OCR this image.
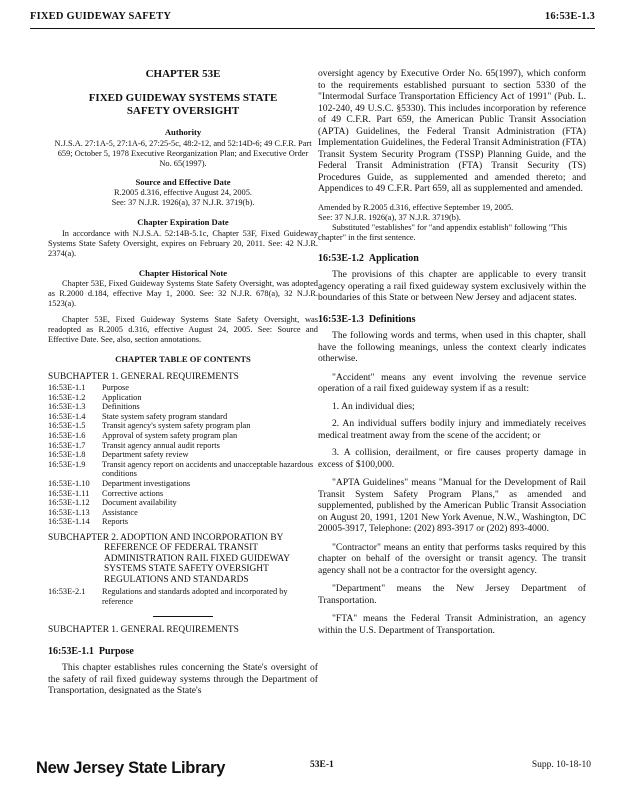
FIXED GUIDEWAY SAFETY	16:53E-1.3

CHAPTER 53E

FIXED GUIDEWAY SYSTEMS STATE SAFETY OVERSIGHT

Authority

N.J.S.A. 27:1A-5, 27:1A-6, 27:25-5c, 48:2-12, and 52:14D-6; 49 C.F.R. Part 659; October 5, 1978 Executive Reorganization Plan; and Executive Order No. 65(1997).

Source and Effective Date

R.2005 d.316, effective August 24, 2005.
See: 37 N.J.R. 1926(a), 37 N.J.R. 3719(b).

Chapter Expiration Date

In accordance with N.J.S.A. 52:14B-5.1c, Chapter 53F, Fixed Guideway Systems State Safety Oversight, expires on February 20, 2011. See: 42 N.J.R. 2374(a).

Chapter Historical Note

Chapter 53E, Fixed Guideway Systems State Safety Oversight, was adopted as R.2000 d.184, effective May 1, 2000. See: 32 N.J.R. 678(a), 32 N.J.R. 1523(a).

Chapter 53E, Fixed Guideway Systems State Safety Oversight, was readopted as R.2005 d.316, effective August 24, 2005. See: Source and Effective Date. See, also, section annotations.

CHAPTER TABLE OF CONTENTS

SUBCHAPTER 1. GENERAL REQUIREMENTS

16:53E-1.1	Purpose
16:53E-1.2	Application
16:53E-1.3	Definitions
16:53E-1.4	State system safety program standard
16:53E-1.5	Transit agency's system safety program plan
16:53E-1.6	Approval of system safety program plan
16:53E-1.7	Transit agency annual audit reports
16:53E-1.8	Department safety review
16:53E-1.9	Transit agency report on accidents and unacceptable hazardous conditions
16:53E-1.10	Department investigations
16:53E-1.11	Corrective actions
16:53E-1.12	Document availability
16:53E-1.13	Assistance
16:53E-1.14	Reports

SUBCHAPTER 2. ADOPTION AND INCORPORATION BY REFERENCE OF FEDERAL TRANSIT ADMINISTRATION RAIL FIXED GUIDEWAY SYSTEMS STATE SAFETY OVERSIGHT REGULATIONS AND STANDARDS

16:53E-2.1	Regulations and standards adopted and incorporated by reference

SUBCHAPTER 1. GENERAL REQUIREMENTS

16:53E-1.1 Purpose

This chapter establishes rules concerning the State's oversight of the safety of rail fixed guideway systems through the Department of Transportation, designated as the State's

oversight agency by Executive Order No. 65(1997), which conform to the requirements established pursuant to section 5330 of the "Intermodal Surface Transportation Efficiency Act of 1991" (Pub. L. 102-240, 49 U.S.C. §5330). This includes incorporation by reference of 49 C.F.R. Part 659, the American Public Transit Association (APTA) Guidelines, the Federal Transit Administration (FTA) Implementation Guidelines, the Federal Transit Administration (FTA) Transit System Security Program (TSSP) Planning Guide, and the Federal Transit Administration (FTA) Transit Security (TS) Procedures Guide, as supplemented and amended thereto; and Appendices to 49 C.F.R. Part 659, all as supplemented and amended.

Amended by R.2005 d.316, effective September 19, 2005.

See: 37 N.J.R. 1926(a), 37 N.J.R. 3719(b).

Substituted "establishes" for "and appendix establish" following "This chapter" in the first sentence.

16:53E-1.2 Application

The provisions of this chapter are applicable to every transit agency operating a rail fixed guideway system exclusively within the boundaries of this State or between New Jersey and adjacent states.

16:53E-1.3 Definitions

The following words and terms, when used in this chapter, shall have the following meanings, unless the context clearly indicates otherwise.

"Accident" means any event involving the revenue service operation of a rail fixed guideway system if as a result:

1. An individual dies;

2. An individual suffers bodily injury and immediately receives medical treatment away from the scene of the accident; or

3. A collision, derailment, or fire causes property damage in excess of $100,000.

"APTA Guidelines" means "Manual for the Development of Rail Transit System Safety Program Plans," as amended and supplemented, published by the American Public Transit Association on August 20, 1991, 1201 New York Avenue, N.W., Washington, DC 20005-3917, Telephone: (202) 893-3917 or (202) 893-4000.

"Contractor" means an entity that performs tasks required by this chapter on behalf of the oversight or transit agency. The transit agency shall not be a contractor for the oversight agency.

"Department" means the New Jersey Department of Transportation.

"FTA" means the Federal Transit Administration, an agency within the U.S. Department of Transportation.

New Jersey State Library	53E-1	Supp. 10-18-10
